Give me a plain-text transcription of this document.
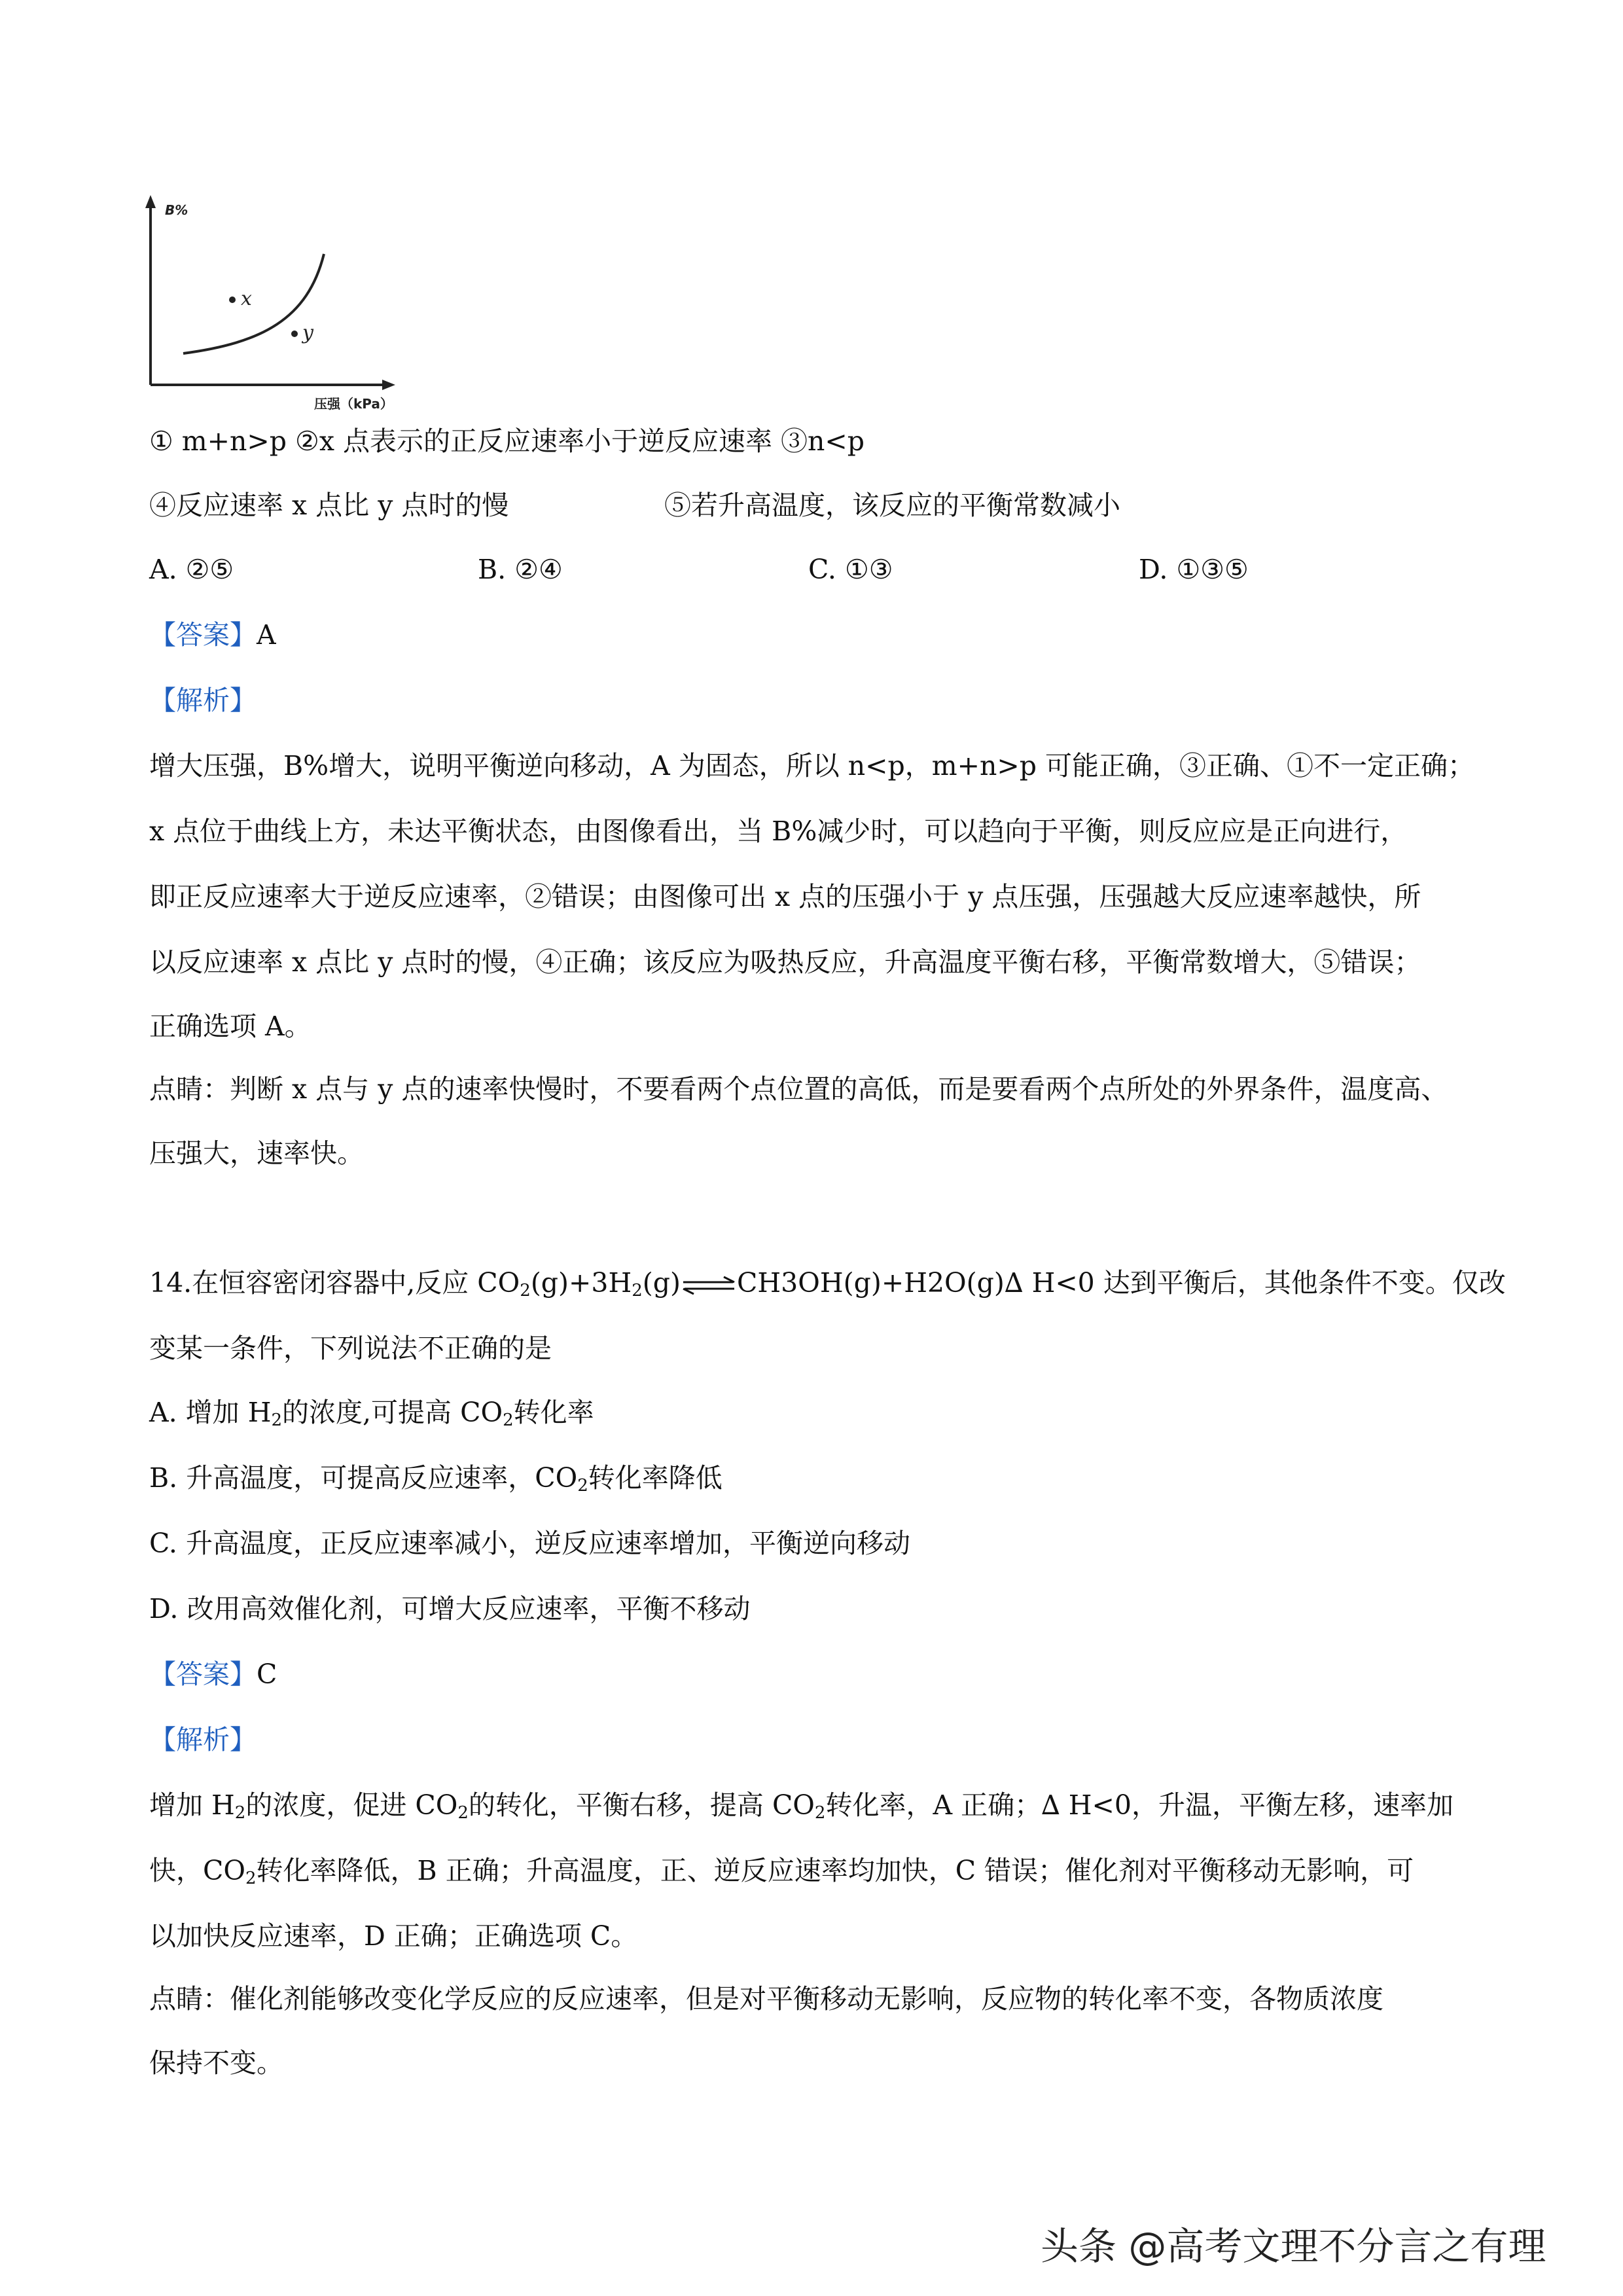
B%
x
y
压强（kPa）
① m+n>p ②x 点表示的正反应速率小于逆反应速率 ③n<p
④反应速率 x 点比 y 点时的慢	⑤若升高温度，该反应的平衡常数减小
A. ②⑤	B. ②④	C. ①③	D. ①③⑤
【答案】A
【解析】
增大压强，B%增大，说明平衡逆向移动，A 为固态，所以 n<p，m+n>p 可能正确，③正确、①不一定正确；
x 点位于曲线上方，未达平衡状态，由图像看出，当 B%减少时，可以趋向于平衡，则反应应是正向进行，
即正反应速率大于逆反应速率，②错误；由图像可出 x 点的压强小于 y 点压强，压强越大反应速率越快，所
以反应速率 x 点比 y 点时的慢，④正确；该反应为吸热反应，升高温度平衡右移，平衡常数增大，⑤错误；
正确选项 A。
点睛：判断 x 点与 y 点的速率快慢时，不要看两个点位置的高低，而是要看两个点所处的外界条件，温度高、
压强大，速率快。
14.在恒容密闭容器中,反应 $CO_2(g)+3H_2(g)$ ⇌ CH3OH(g)+H2O(g)∆ H<0 达到平衡后，其他条件不变。仅改
变某一条件，下列说法不正确的是
A. 增加 $H_2$的浓度,可提高 $CO_2$转化率
B. 升高温度，可提高反应速率，$CO_2$转化率降低
C. 升高温度，正反应速率减小，逆反应速率增加，平衡逆向移动
D. 改用高效催化剂，可增大反应速率，平衡不移动
【答案】C
【解析】
增加 $H_2$的浓度，促进 $CO_2$的转化，平衡右移，提高 $CO_2$转化率，A 正确；∆ H<0，升温，平衡左移，速率加
快，$CO_2$转化率降低，B 正确；升高温度，正、逆反应速率均加快，C 错误；催化剂对平衡移动无影响，可
以加快反应速率，D 正确；正确选项 C。
点睛：催化剂能够改变化学反应的反应速率，但是对平衡移动无影响，反应物的转化率不变，各物质浓度
保持不变。
头条 @高考文理不分言之有理
